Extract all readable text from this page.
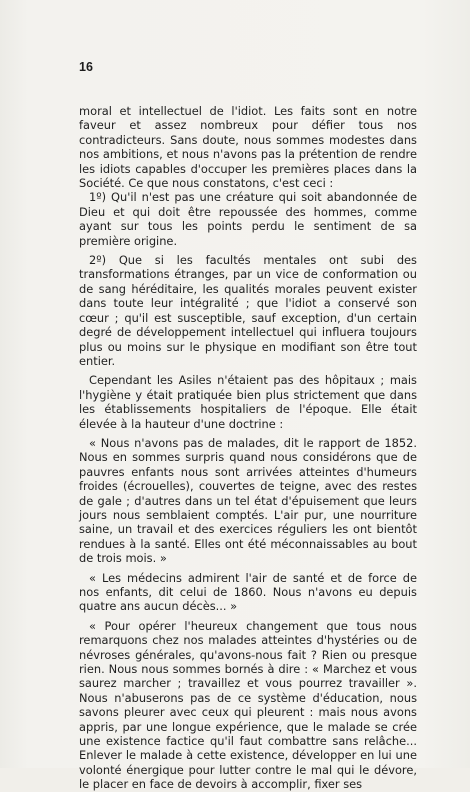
16

moral et intellectuel de l'idiot. Les faits sont en notre faveur et assez nombreux pour défier tous nos contradicteurs. Sans doute, nous sommes modestes dans nos ambitions, et nous n'avons pas la prétention de rendre les idiots capables d'occuper les premières places dans la Société. Ce que nous constatons, c'est ceci :

1º) Qu'il n'est pas une créature qui soit abandonnée de Dieu et qui doit être repoussée des hommes, comme ayant sur tous les points perdu le sentiment de sa première origine.

2º) Que si les facultés mentales ont subi des transformations étranges, par un vice de conformation ou de sang héréditaire, les qualités morales peuvent exister dans toute leur intégralité ; que l'idiot a conservé son cœur ; qu'il est susceptible, sauf exception, d'un certain degré de développement intellectuel qui influera toujours plus ou moins sur le physique en modifiant son être tout entier.

Cependant les Asiles n'étaient pas des hôpitaux ; mais l'hygiène y était pratiquée bien plus strictement que dans les établissements hospitaliers de l'époque. Elle était élevée à la hauteur d'une doctrine :

« Nous n'avons pas de malades, dit le rapport de 1852. Nous en sommes surpris quand nous considérons que de pauvres enfants nous sont arrivées atteintes d'humeurs froides (écrouelles), couvertes de teigne, avec des restes de gale ; d'autres dans un tel état d'épuisement que leurs jours nous semblaient comptés. L'air pur, une nourriture saine, un travail et des exercices réguliers les ont bientôt rendues à la santé. Elles ont été méconnaissables au bout de trois mois. »

« Les médecins admirent l'air de santé et de force de nos enfants, dit celui de 1860. Nous n'avons eu depuis quatre ans aucun décès... »

« Pour opérer l'heureux changement que tous nous remarquons chez nos malades atteintes d'hystéries ou de névroses générales, qu'avons-nous fait ? Rien ou presque rien. Nous nous sommes bornés à dire : « Marchez et vous saurez marcher ; travaillez et vous pourrez travailler ». Nous n'abuserons pas de ce système d'éducation, nous savons pleurer avec ceux qui pleurent : mais nous avons appris, par une longue expérience, que le malade se crée une existence factice qu'il faut combattre sans relâche... Enlever le malade à cette existence, développer en lui une volonté énergique pour lutter contre le mal qui le dévore, le placer en face de devoirs à accomplir, fixer ses
